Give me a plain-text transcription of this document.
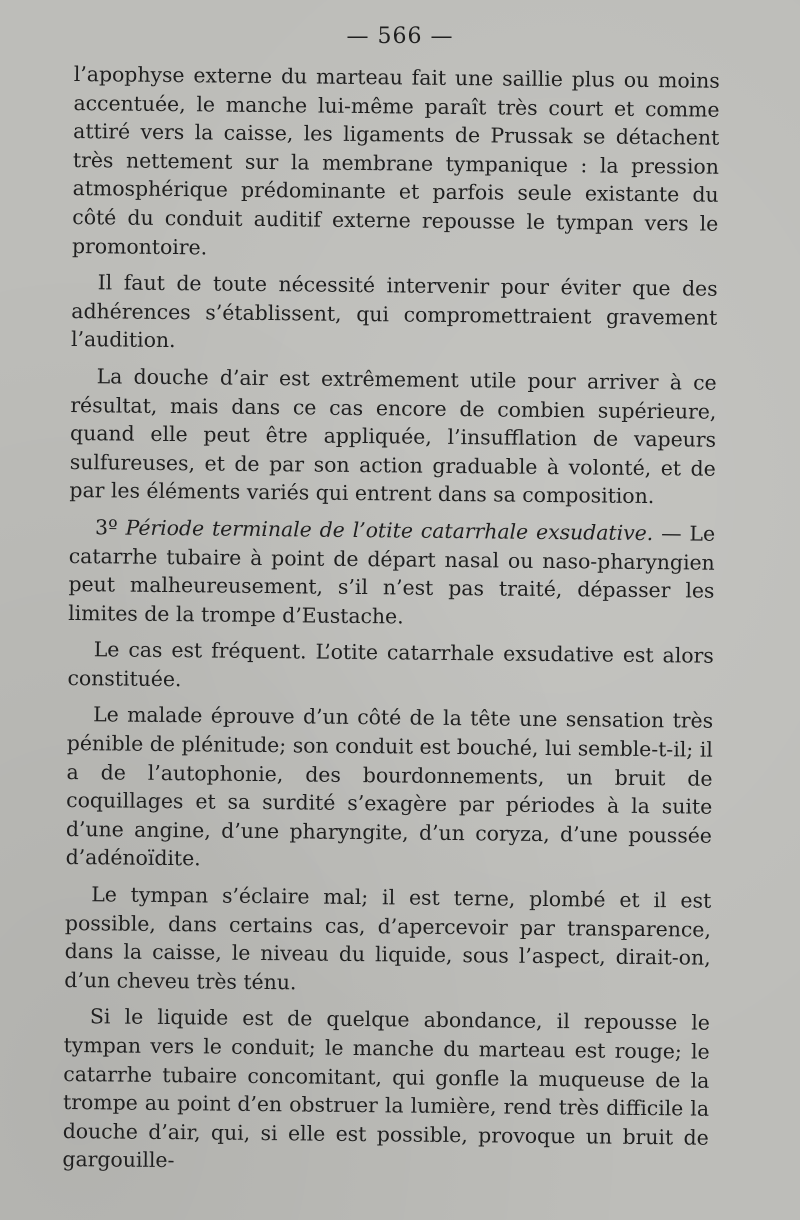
— 566 —

l’apophyse externe du marteau fait une saillie plus ou moins accentuée, le manche lui-même paraît très court et comme attiré vers la caisse, les ligaments de Prussak se détachent très nettement sur la membrane tympanique : la pression atmosphérique prédominante et parfois seule existante du côté du conduit auditif externe repousse le tympan vers le promontoire.

Il faut de toute nécessité intervenir pour éviter que des adhérences s’établissent, qui compromettraient gravement l’audition.

La douche d’air est extrêmement utile pour arriver à ce résultat, mais dans ce cas encore de combien supérieure, quand elle peut être appliquée, l’insufflation de vapeurs sulfureuses, et de par son action graduable à volonté, et de par les éléments variés qui entrent dans sa composition.

3º Période terminale de l’otite catarrhale exsudative. — Le catarrhe tubaire à point de départ nasal ou naso-pharyngien peut malheureusement, s’il n’est pas traité, dépasser les limites de la trompe d’Eustache.

Le cas est fréquent. L’otite catarrhale exsudative est alors constituée.

Le malade éprouve d’un côté de la tête une sensation très pénible de plénitude; son conduit est bouché, lui semble-t-il; il a de l’autophonie, des bourdonnements, un bruit de coquillages et sa surdité s’exagère par périodes à la suite d’une angine, d’une pharyngite, d’un coryza, d’une poussée d’adénoïdite.

Le tympan s’éclaire mal; il est terne, plombé et il est possible, dans certains cas, d’apercevoir par transparence, dans la caisse, le niveau du liquide, sous l’aspect, dirait-on, d’un cheveu très ténu.

Si le liquide est de quelque abondance, il repousse le tympan vers le conduit; le manche du marteau est rouge; le catarrhe tubaire concomitant, qui gonfle la muqueuse de la trompe au point d’en obstruer la lumière, rend très difficile la douche d’air, qui, si elle est possible, provoque un bruit de gargouille-
